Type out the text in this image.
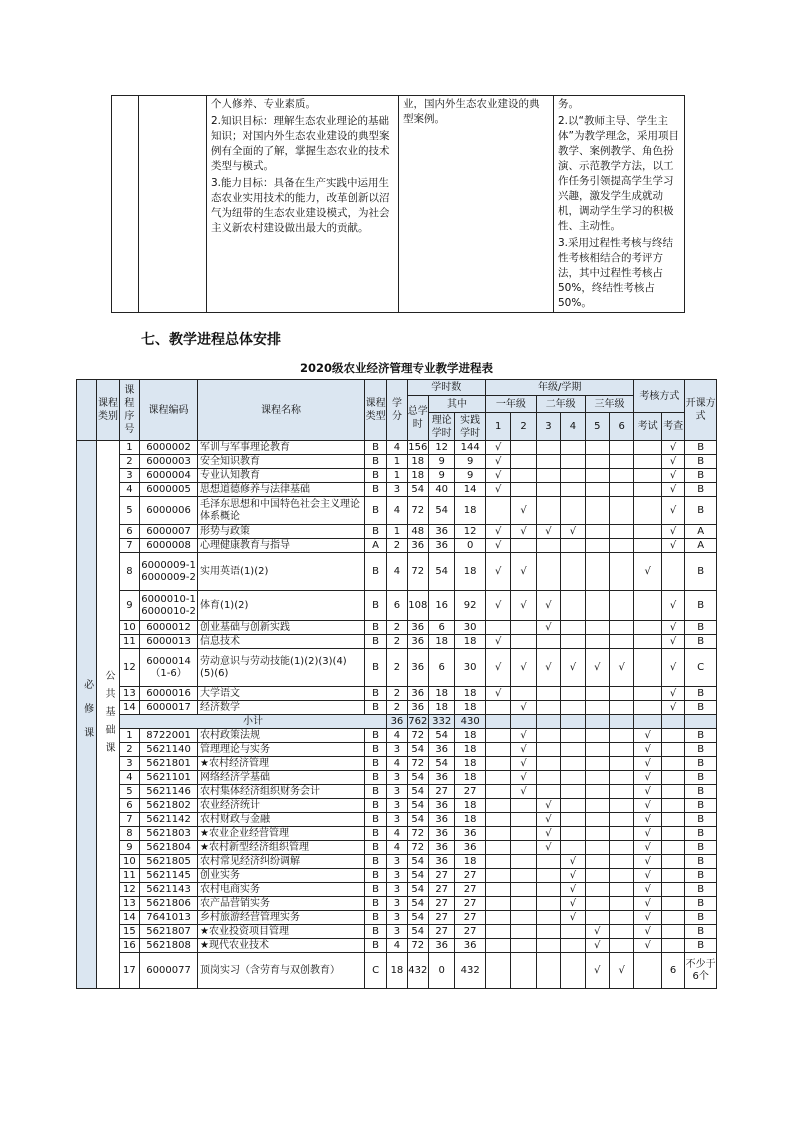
个人修养、专业素质。
2.知识目标：理解生态农业理论的基础知识；对国内外生态农业建设的典型案例有全面的了解，掌握生态农业的技术类型与模式。
3.能力目标：具备在生产实践中运用生态农业实用技术的能力，改革创新以沼气为纽带的生态农业建设模式，为社会主义新农村建设做出最大的贡献。

业，国内外生态农业建设的典型案例。

务。
2.以“教师主导、学生主体”为教学理念，采用项目教学、案例教学、角色扮演、示范教学方法，以工作任务引领提高学生学习兴趣，激发学生成就动机，调动学生学习的积极性、主动性。
3.采用过程性考核与终结性考核相结合的考评方法，其中过程性考核占50%，终结性考核占50%。
七、教学进程总体安排
2020级农业经济管理专业教学进程表
	课程类别	课程序号	课程编码	课程名称	课程类型	学分	学时数			年级/学期						考核方式		开课方式
							总学时	其中		一年级		二年级		三年级				
								理论学时	实践学时	1	2	3	4	5	6	考试	考查	
必修课	公共基础课	1	6000002	军训与军事理论教育	B	4	156	12	144	√							√	B
		2	6000003	安全知识教育	B	1	18	9	9	√							√	B
		3	6000004	专业认知教育	B	1	18	9	9	√							√	B
		4	6000005	思想道德修养与法律基础	B	3	54	40	14	√							√	B
		5	6000006	毛泽东思想和中国特色社会主义理论体系概论	B	4	72	54	18		√						√	B
		6	6000007	形势与政策	B	1	48	36	12	√	√	√	√				√	A
		7	6000008	心理健康教育与指导	A	2	36	36	0	√							√	A
		8	6000009-1 6000009-2	实用英语(1)(2)	B	4	72	54	18	√	√					√		B
		9	6000010-1 6000010-2	体育(1)(2)	B	6	108	16	92	√	√	√					√	B
		10	6000012	创业基础与创新实践	B	2	36	6	30			√					√	B
		11	6000013	信息技术	B	2	36	18	18	√							√	B
		12	6000014 （1-6）	劳动意识与劳动技能(1)(2)(3)(4) (5)(6)	B	2	36	6	30	√	√	√	√	√	√		√	C
		13	6000016	大学语文	B	2	36	18	18	√							√	B
		14	6000017	经济数学	B	2	36	18	18		√						√	B
		小计				36	762	332	430									
		1	8722001	农村政策法规	B	4	72	54	18		√					√		B
		2	5621140	管理理论与实务	B	3	54	36	18		√					√		B
		3	5621801	★农村经济管理	B	4	72	54	18		√					√		B
		4	5621101	网络经济学基础	B	3	54	36	18		√					√		B
		5	5621146	农村集体经济组织财务会计	B	3	54	27	27		√					√		B
		6	5621802	农业经济统计	B	3	54	36	18			√				√		B
		7	5621142	农村财政与金融	B	3	54	36	18			√				√		B
		8	5621803	★农业企业经营管理	B	4	72	36	36			√				√		B
		9	5621804	★农村新型经济组织管理	B	4	72	36	36			√				√		B
		10	5621805	农村常见经济纠纷调解	B	3	54	36	18				√			√		B
		11	5621145	创业实务	B	3	54	27	27				√			√		B
		12	5621143	农村电商实务	B	3	54	27	27				√			√		B
		13	5621806	农产品营销实务	B	3	54	27	27				√			√		B
		14	7641013	乡村旅游经营管理实务	B	3	54	27	27				√			√		B
		15	5621807	★农业投资项目管理	B	3	54	27	27					√		√		B
		16	5621808	★现代农业技术	B	4	72	36	36					√		√		B
		17	6000077	顶岗实习（含劳育与双创教育）	C	18	432	0	432					√	√		6	不少于6个
